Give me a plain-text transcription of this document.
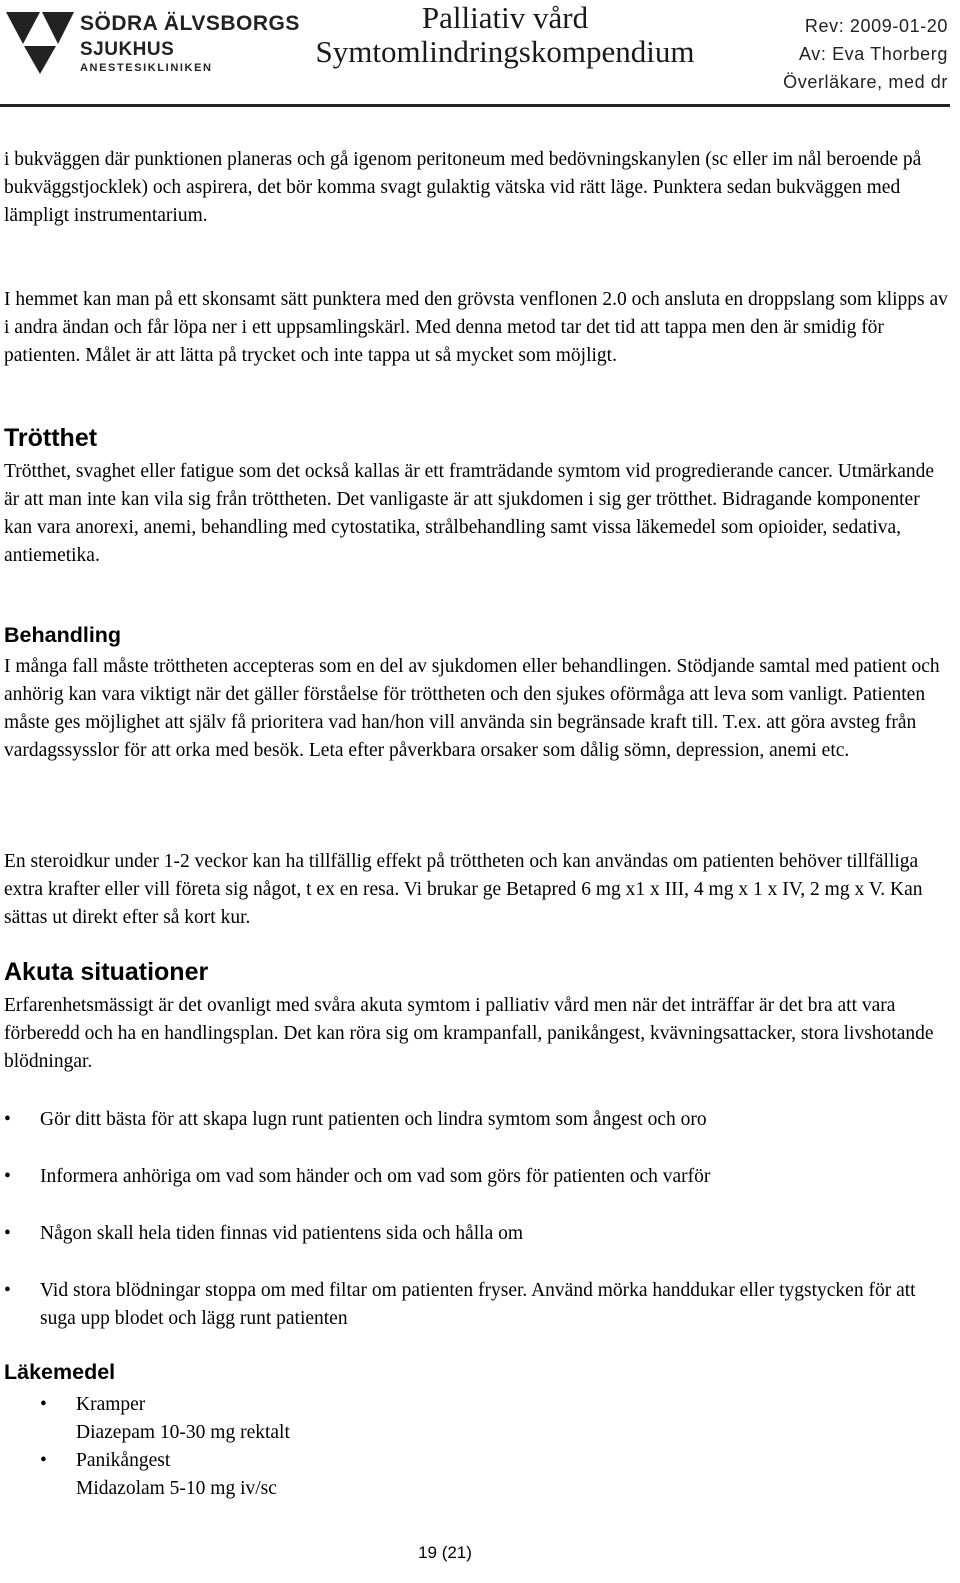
SÖDRA ÄLVSBORGS
SJUKHUS
ANESTESIKLINIKEN
Palliativ vård
Symtomlindringskompendium
Rev: 2009-01-20
Av: Eva Thorberg
Överläkare, med dr

i bukväggen där punktionen planeras och gå igenom peritoneum med bedövningskanylen (sc eller im nål beroende på bukväggstjocklek) och aspirera, det bör komma svagt gulaktig vätska vid rätt läge. Punktera sedan bukväggen med lämpligt instrumentarium.

I hemmet kan man på ett skonsamt sätt punktera med den grövsta venflonen 2.0 och ansluta en droppslang som klipps av i andra ändan och får löpa ner i ett uppsamlingskärl. Med denna metod tar det tid att tappa men den är smidig för patienten. Målet är att lätta på trycket och inte tappa ut så mycket som möjligt.

Trötthet

Trötthet, svaghet eller fatigue som det också kallas är ett framträdande symtom vid progredierande cancer. Utmärkande är att man inte kan vila sig från tröttheten. Det vanligaste är att sjukdomen i sig ger trötthet. Bidragande komponenter kan vara anorexi, anemi, behandling med cytostatika, strålbehandling samt vissa läkemedel som opioider, sedativa, antiemetika.

Behandling

I många fall måste tröttheten accepteras som en del av sjukdomen eller behandlingen. Stödjande samtal med patient och anhörig kan vara viktigt när det gäller förståelse för tröttheten och den sjukes oförmåga att leva som vanligt. Patienten måste ges möjlighet att själv få prioritera vad han/hon vill använda sin begränsade kraft till. T.ex. att göra avsteg från vardagssysslor för att orka med besök. Leta efter påverkbara orsaker som dålig sömn, depression, anemi etc.

En steroidkur under 1-2 veckor kan ha tillfällig effekt på tröttheten och kan användas om patienten behöver tillfälliga extra krafter eller vill företa sig något, t ex en resa. Vi brukar ge Betapred 6 mg x1 x III, 4 mg x 1 x IV, 2 mg x V. Kan sättas ut direkt efter så kort kur.

Akuta situationer

Erfarenhetsmässigt är det ovanligt med svåra akuta symtom i palliativ vård men när det inträffar är det bra att vara förberedd och ha en handlingsplan. Det kan röra sig om krampanfall, panikångest, kvävningsattacker, stora livshotande blödningar.

• Gör ditt bästa för att skapa lugn runt patienten och lindra symtom som ångest och oro
• Informera anhöriga om vad som händer och om vad som görs för patienten och varför
• Någon skall hela tiden finnas vid patientens sida och hålla om
• Vid stora blödningar stoppa om med filtar om patienten fryser. Använd mörka handdukar eller tygstycken för att suga upp blodet och lägg runt patienten
Läkemedel
• Kramper
Diazepam 10-30 mg rektalt
• Panikångest
Midazolam 5-10 mg iv/sc
19 (21)
